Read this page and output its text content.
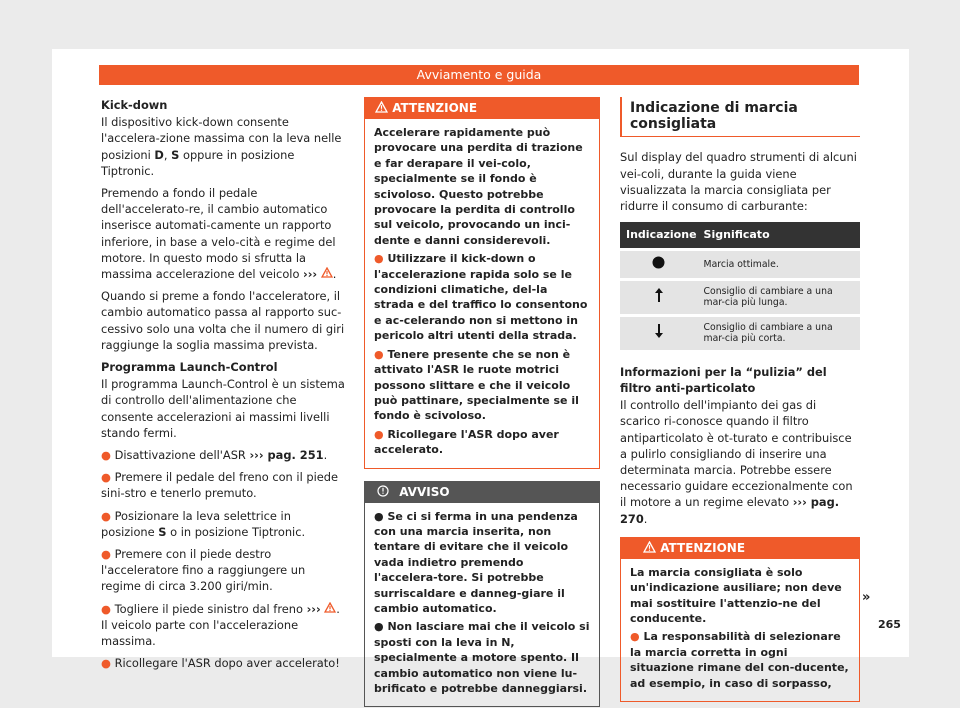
Avviamento e guida

Kick-down

Il dispositivo kick-down consente l'accelera-zione massima con la leva nelle posizioni D, S oppure in posizione Tiptronic.

Premendo a fondo il pedale dell'accelerato-re, il cambio automatico inserisce automati-camente un rapporto inferiore, in base a velo-cità e regime del motore. In questo modo si sfrutta la massima accelerazione del veicolo ››› .

Quando si preme a fondo l'acceleratore, il cambio automatico passa al rapporto suc-cessivo solo una volta che il numero di giri raggiunge la soglia massima prevista.

Programma Launch-Control

Il programma Launch-Control è un sistema di controllo dell'alimentazione che consente accelerazioni ai massimi livelli stando fermi.

● Disattivazione dell'ASR ››› pag. 251.

● Premere il pedale del freno con il piede sini-stro e tenerlo premuto.

● Posizionare la leva selettrice in posizione S o in posizione Tiptronic.

● Premere con il piede destro l'acceleratore fino a raggiungere un regime di circa 3.200 giri/min.

● Togliere il piede sinistro dal freno ››› . Il veicolo parte con l'accelerazione massima.

● Ricollegare l'ASR dopo aver accelerato!

ATTENZIONE

Accelerare rapidamente può provocare una perdita di trazione e far derapare il vei-colo, specialmente se il fondo è scivoloso. Questo potrebbe provocare la perdita di controllo sul veicolo, provocando un inci-dente e danni considerevoli.

● Utilizzare il kick-down o l'accelerazione rapida solo se le condizioni climatiche, del-la strada e del traffico lo consentono e ac-celerando non si mettono in pericolo altri utenti della strada.

● Tenere presente che se non è attivato l'ASR le ruote motrici possono slittare e che il veicolo può pattinare, specialmente se il fondo è scivoloso.

● Ricollegare l'ASR dopo aver accelerato.

AVVISO

● Se ci si ferma in una pendenza con una marcia inserita, non tentare di evitare che il veicolo vada indietro premendo l'accelera-tore. Si potrebbe surriscaldare e danneg-giare il cambio automatico.

● Non lasciare mai che il veicolo si sposti con la leva in N, specialmente a motore spento. Il cambio automatico non viene lu-brificato e potrebbe danneggiarsi.

Indicazione di marcia consigliata

Sul display del quadro strumenti di alcuni vei-coli, durante la guida viene visualizzata la marcia consigliata per ridurre il consumo di carburante:

Indicazione	Significato
	Marcia ottimale.
	Consiglio di cambiare a una mar-cia più lunga.
	Consiglio di cambiare a una mar-cia più corta.

Informazioni per la “pulizia” del filtro anti-particolato

Il controllo dell'impianto dei gas di scarico ri-conosce quando il filtro antiparticolato è ot-turato e contribuisce a pulirlo consigliando di inserire una determinata marcia. Potrebbe essere necessario guidare eccezionalmente con il motore a un regime elevato ››› pag. 270.

ATTENZIONE

La marcia consigliata è solo un'indicazione ausiliare; non deve mai sostituire l'attenzio-ne del conducente.

● La responsabilità di selezionare la marcia corretta in ogni situazione rimane del con-ducente, ad esempio, in caso di sorpasso,

»
265
